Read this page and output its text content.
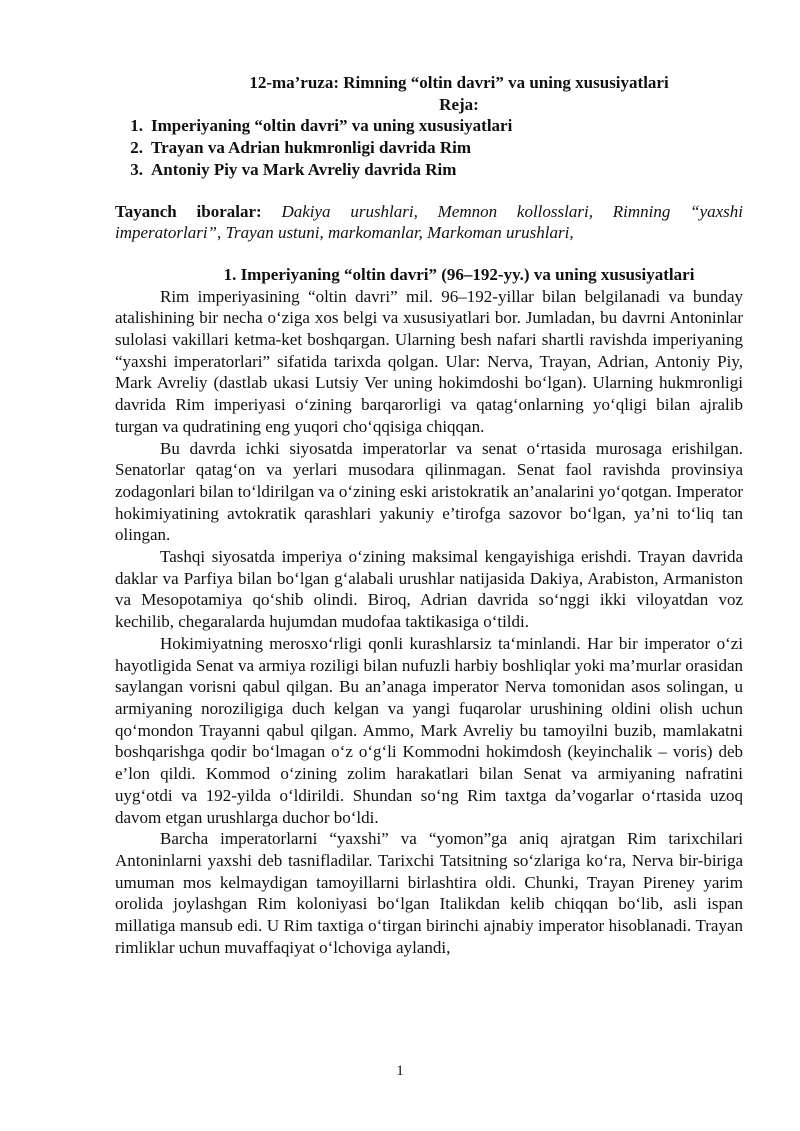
12-ma’ruza: Rimning “oltin davri” va uning xususiyatlari
Reja:
1. Imperiyaning “oltin davri” va uning xususiyatlari
2. Trayan va Adrian hukmronligi davrida Rim
3. Antoniy Piy va Mark Avreliy davrida Rim
Tayanch iboralar: Dakiya urushlari, Memnon kollosslari, Rimning “yaxshi imperatorlari”, Trayan ustuni, markomanlar, Markoman urushlari,
1. Imperiyaning “oltin davri” (96–192-yy.) va uning xususiyatlari

Rim imperiyasining “oltin davri” mil. 96–192-yillar bilan belgilanadi va bunday atalishining bir necha o‘ziga xos belgi va xususiyatlari bor. Jumladan, bu davrni Antoninlar sulolasi vakillari ketma-ket boshqargan. Ularning besh nafari shartli ravishda imperiyaning “yaxshi imperatorlari” sifatida tarixda qolgan. Ular: Nerva, Trayan, Adrian, Antoniy Piy, Mark Avreliy (dastlab ukasi Lutsiy Ver uning hokimdoshi bo‘lgan). Ularning hukmronligi davrida Rim imperiyasi o‘zining barqarorligi va qatag‘onlarning yo‘qligi bilan ajralib turgan va qudratining eng yuqori cho‘qqisiga chiqqan.

Bu davrda ichki siyosatda imperatorlar va senat o‘rtasida murosaga erishilgan. Senatorlar qatag‘on va yerlari musodara qilinmagan. Senat faol ravishda provinsiya zodagonlari bilan to‘ldirilgan va o‘zining eski aristokratik an’analarini yo‘qotgan. Imperator hokimiyatining avtokratik qarashlari yakuniy e’tirofga sazovor bo‘lgan, ya’ni to‘liq tan olingan.

Tashqi siyosatda imperiya o‘zining maksimal kengayishiga erishdi. Trayan davrida daklar va Parfiya bilan bo‘lgan g‘alabali urushlar natijasida Dakiya, Arabiston, Armaniston va Mesopotamiya qo‘shib olindi. Biroq, Adrian davrida so‘nggi ikki viloyatdan voz kechilib, chegaralarda hujumdan mudofaa taktikasiga o‘tildi.

Hokimiyatning merosxo‘rligi qonli kurashlarsiz ta‘minlandi. Har bir imperator o‘zi hayotligida Senat va armiya roziligi bilan nufuzli harbiy boshliqlar yoki ma’murlar orasidan saylangan vorisni qabul qilgan. Bu an’anaga imperator Nerva tomonidan asos solingan, u armiyaning noroziligiga duch kelgan va yangi fuqarolar urushining oldini olish uchun qo‘mondon Trayanni qabul qilgan. Ammo, Mark Avreliy bu tamoyilni buzib, mamlakatni boshqarishga qodir bo‘lmagan o‘z o‘g‘li Kommodni hokimdosh (keyinchalik – voris) deb e’lon qildi. Kommod o‘zining zolim harakatlari bilan Senat va armiyaning nafratini uyg‘otdi va 192-yilda o‘ldirildi. Shundan so‘ng Rim taxtga da’vogarlar o‘rtasida uzoq davom etgan urushlarga duchor bo‘ldi.

Barcha imperatorlarni “yaxshi” va “yomon”ga aniq ajratgan Rim tarixchilari Antoninlarni yaxshi deb tasnifladilar. Tarixchi Tatsitning so‘zlariga ko‘ra, Nerva bir-biriga umuman mos kelmaydigan tamoyillarni birlashtira oldi. Chunki, Trayan Pireney yarim orolida joylashgan Rim koloniyasi bo‘lgan Italikdan kelib chiqqan bo‘lib, asli ispan millatiga mansub edi. U Rim taxtiga o‘tirgan birinchi ajnabiy imperator hisoblanadi. Trayan rimliklar uchun muvaffaqiyat o‘lchoviga aylandi,

1
